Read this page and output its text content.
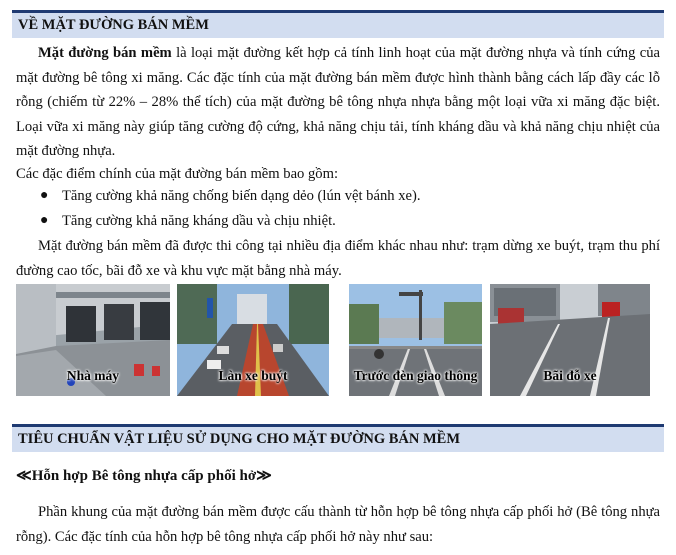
VỀ MẶT ĐƯỜNG BÁN MỀM

Mặt đường bán mềm là loại mặt đường kết hợp cả tính linh hoạt của mặt đường nhựa và tính cứng của mặt đường bê tông xi măng. Các đặc tính của mặt đường bán mềm được hình thành bằng cách lấp đầy các lỗ rỗng (chiếm từ 22% – 28% thể tích) của mặt đường bê tông nhựa nhựa bằng một loại vữa xi măng đặc biệt. Loại vữa xi măng này giúp tăng cường độ cứng, khả năng chịu tải, tính kháng dầu và khả năng chịu nhiệt của mặt đường nhựa.

Các đặc điểm chính của mặt đường bán mềm bao gồm:

● Tăng cường khả năng chống biến dạng dẻo (lún vệt bánh xe).
● Tăng cường khả năng kháng dầu và chịu nhiệt.

Mặt đường bán mềm đã được thi công tại nhiều địa điểm khác nhau như: trạm dừng xe buýt, trạm thu phí đường cao tốc, bãi đỗ xe và khu vực mặt bằng nhà máy.

Nhà máy	Làn xe buýt	Trước đèn giao thông	Bãi đỗ xe
TIÊU CHUẨN VẬT LIỆU SỬ DỤNG CHO MẶT ĐƯỜNG BÁN MỀM

≪Hỗn hợp Bê tông nhựa cấp phối hở≫

Phần khung của mặt đường bán mềm được cấu thành từ hỗn hợp bê tông nhựa cấp phối hở (Bê tông nhựa rỗng). Các đặc tính của hỗn hợp bê tông nhựa cấp phối hở này như sau:
